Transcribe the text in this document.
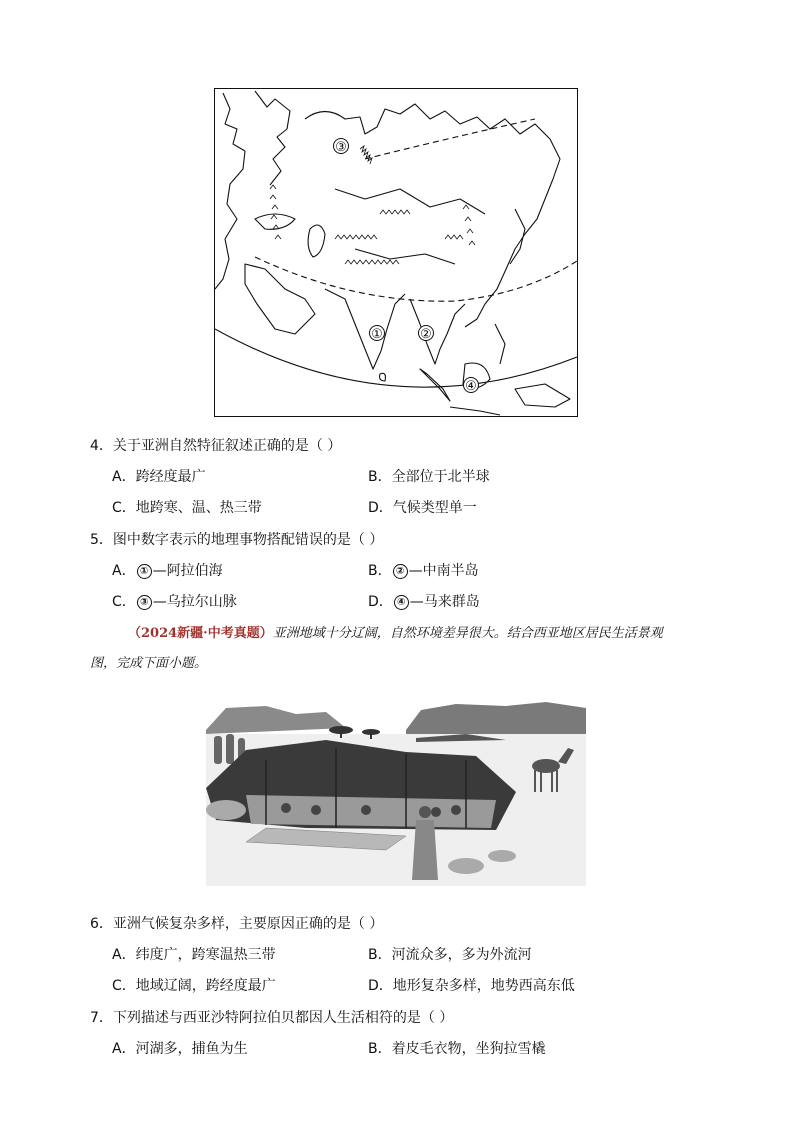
①	②
③
④
4．关于亚洲自然特征叙述正确的是（ ）
A．跨经度最广	B．全部位于北半球
C．地跨寒、温、热三带	D．气候类型单一
5．图中数字表示的地理事物搭配错误的是（ ）
A． ① —阿拉伯海	B． ② —中南半岛
C． ③ —乌拉尔山脉	D． ④ —马来群岛
（2024新疆·中考真题）亚洲地域十分辽阔，自然环境差异很大。结合西亚地区居民生活景观
图，完成下面小题。
6．亚洲气候复杂多样，主要原因正确的是（ ）
A．纬度广，跨寒温热三带	B．河流众多，多为外流河
C．地域辽阔，跨经度最广	D．地形复杂多样，地势西高东低
7．下列描述与西亚沙特阿拉伯贝都因人生活相符的是（ ）
A．河湖多，捕鱼为生	B．着皮毛衣物，坐狗拉雪橇
